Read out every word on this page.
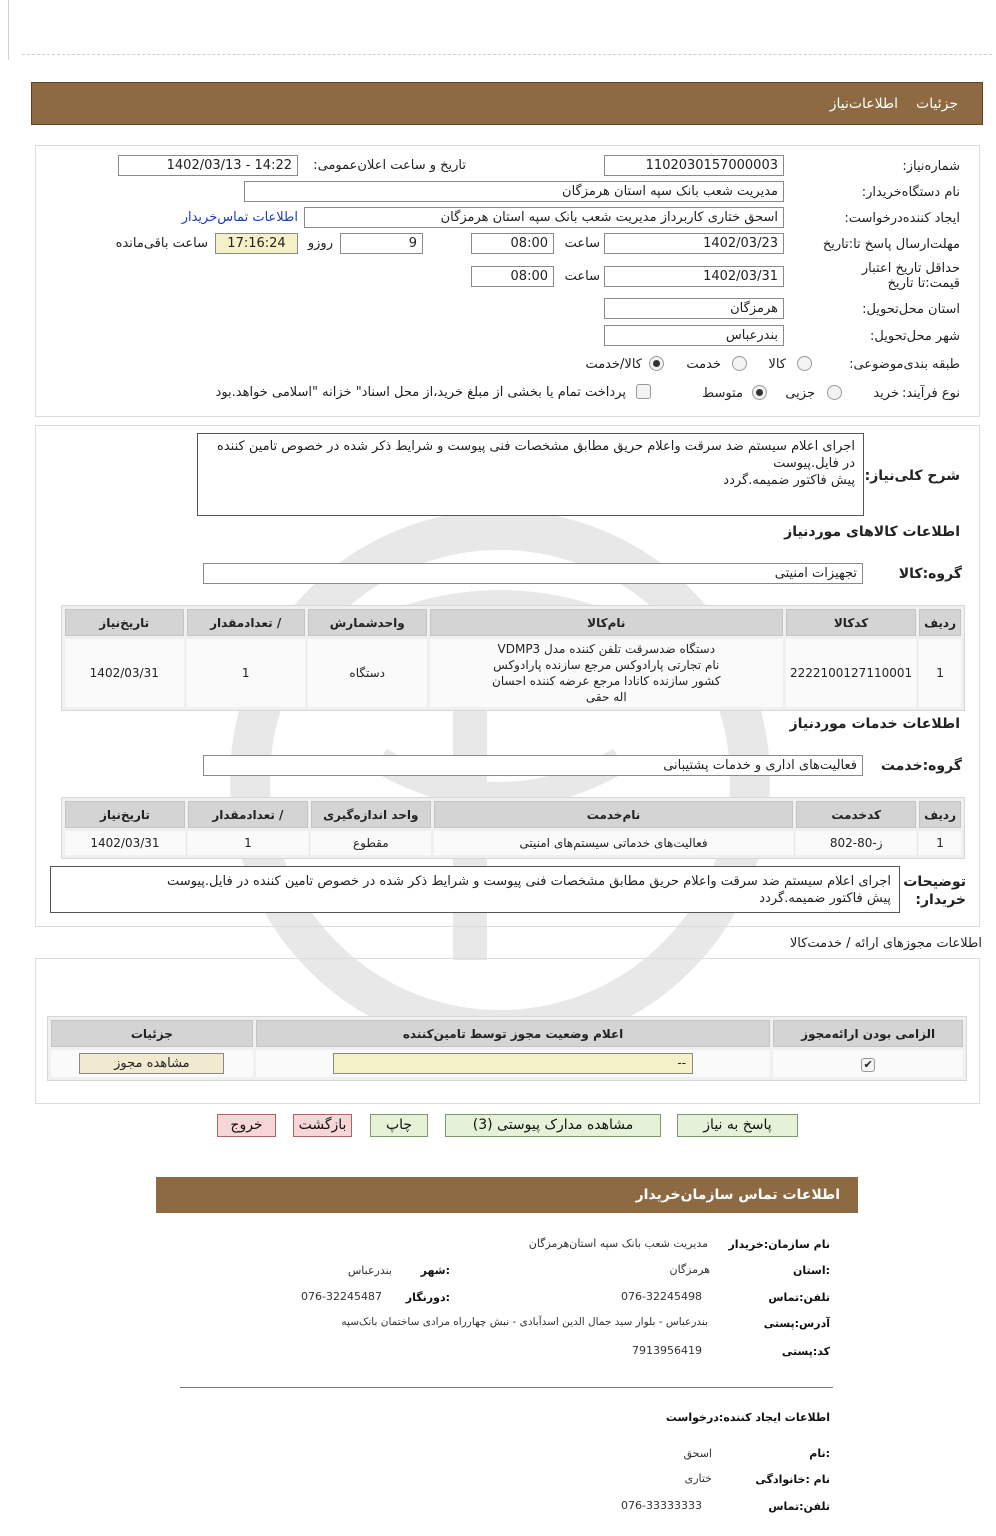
جزئیات
اطلاعات‌نیاز
شماره‌نیاز:
1102030157000003
تاریخ و ساعت اعلان‌عمومی:
1402/03/13 - 14:22
نام دستگاه‌خریدار:
مدیریت شعب بانک سپه استان هرمزگان
ایجاد کننده‌درخواست:
اسحق ختاری کاربرداز مدیریت شعب بانک سپه استان هرمزگان
اطلاعات تماس‌خریدار
مهلت‌ارسال پاسخ تا:تاریخ
1402/03/23
ساعت
08:00
9
روزو
17:16:24
ساعت باقی‌مانده
حداقل تاریخ اعتبار قیمت:تا تاریخ
1402/03/31
ساعت
08:00
استان محل‌تحویل:
هرمزگان
شهر محل‌تحویل:
بندرعباس
طبقه بندی‌موضوعی:
کالا
خدمت
کالا/خدمت
نوع فرآیند:
خرید
جزیی
متوسط
پرداخت تمام یا بخشی از مبلغ خرید،از محل اسناد" خزانه "اسلامی خواهد.بود
شرح کلی‌نیاز:
اجرای اعلام سیستم ضد سرقت واعلام حریق مطابق مشخصات فنی پیوست و شرایط ذکر شده در خصوص تامین کننده در فایل.پیوست
پیش فاکتور ضمیمه.گردد
اطلاعات کالاهای موردنیاز
گروه:کالا
تجهیزات امنیتی
ردیف	کدکالا	نام‌کالا	واحدشمارش	/ تعدادمقدار	تاریخ‌نیاز
1	2222100127110001	دستگاه ضدسرقت تلفن کننده مدل VDMP3 نام تجارتی پارادوکس مرجع سازنده پارادوکس کشور سازنده کانادا مرجع عرضه کننده احسان اله حقی	دستگاه	1	1402/03/31
اطلاعات خدمات موردنیاز
گروه:خدمت
فعالیت‌های اداری و خدمات پشتیبانی
ردیف	کدخدمت	نام‌خدمت	واحد اندازه‌گیری	/ تعدادمقدار	تاریخ‌نیاز
1	ز-80-802	فعالیت‌های خدماتی سیستم‌های امنیتی	مقطوع	1	1402/03/31
توضیحات خریدار:
اجرای اعلام سیستم ضد سرقت واعلام حریق مطابق مشخصات فنی پیوست و شرایط ذکر شده در خصوص تامین کننده در فایل.پیوست
پیش فاکتور ضمیمه.گردد
اطلاعات مجوزهای ارائه / خدمت‌کالا
الزامی بودن ارائه‌مجوز	اعلام وضعیت مجوز توسط تامین‌کننده	جزئیات
✔	--	مشاهده مجوز
پاسخ به نیاز
مشاهده مدارک پیوستی (3)
چاپ
بازگشت
خروج
اطلاعات تماس سازمان‌خریدار
نام سازمان:خریدار
مدیریت شعب بانک سپه استان‌هرمزگان
:استان
هرمزگان
:شهر
بندرعباس
تلفن:تماس
076-32245498
:دورنگار
076-32245487
آدرس:پستی
بندرعباس - بلوار سید جمال الدین اسدآبادی - نبش چهارراه مرادی ساختمان بانک‌سپه
کد:پستی
7913956419
اطلاعات ایجاد کننده:درخواست
:نام
اسحق
نام :خانوادگی
ختاری
تلفن:تماس
076-33333333
